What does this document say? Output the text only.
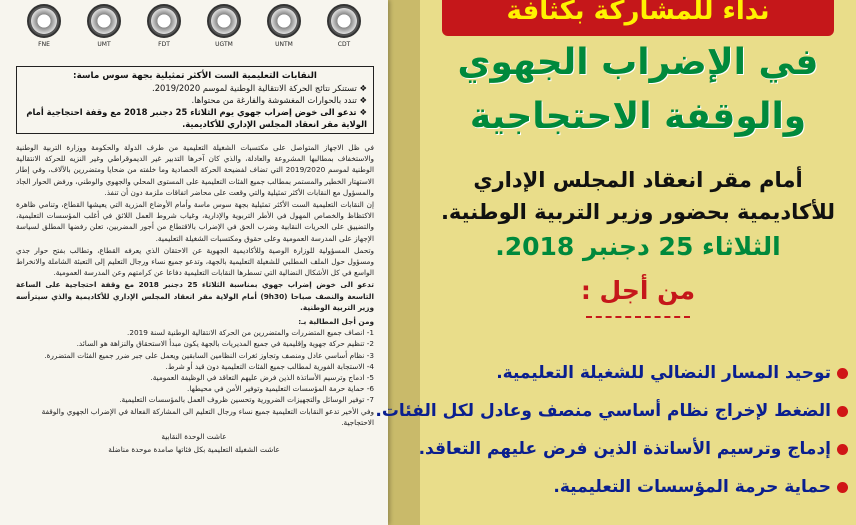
FNE	UMT	FDT	UGTM	UNTM	CDT
النقابات التعليمية الست الأكثر تمثيلية بجهة سوس ماسة:
❖ تستنكر نتائج الحركة الانتقالية الوطنية لموسم 2019/2020.
❖ تندد بالحوارات المغشوشة والفارغة من محتواها.
❖ تدعو الى خوض إضراب جهوي يوم الثلاثاء 25 دجنبر 2018 مع وقفة احتجاجية أمام الولاية مقر انعقاد المجلس الإداري للأكاديمية.

في ظل الاجهاز المتواصل على مكتسبات الشغيلة التعليمية من طرف الدولة والحكومة ووزارة التربية الوطنية والاستخفاف بمطالبها المشروعة والعادلة، والذي كان آخرها التدبير غير الديموقراطي وغير النزيه للحركة الانتقالية الوطنية لموسم 2019/2020 التي تضاف لفضيحة الحركة الحصادية وما خلفته من ضحايا ومتضررين بالآلاف، وفي إطار الاستهتار الخطير والمستمر بمطالب جميع الفئات التعليمية على المستوى المحلي والجهوي والوطني، ورفض الحوار الجاد والمسؤول مع النقابات الأكثر تمثيلية والتي وقعت على محاضر اتفاقات ملزمة دون أن تنفذ.

إن النقابات التعليمية الست الأكثر تمثيلية بجهة سوس ماسة وأمام الأوضاع المزرية التي يعيشها القطاع، وتنامي ظاهرة الاكتظاظ والخصاص المهول في الأطر التربوية والإدارية، وغياب شروط العمل اللائق في أغلب المؤسسات التعليمية، والتضييق على الحريات النقابية وضرب الحق في الإضراب بالاقتطاع من أجور المضربين، تعلن رفضها المطلق لسياسة الإجهاز على المدرسة العمومية وعلى حقوق ومكتسبات الشغيلة التعليمية.

وتحمل المسؤولية للوزارة الوصية وللأكاديمية الجهوية عن الاحتقان الذي يعرفه القطاع، وتطالب بفتح حوار جدي ومسؤول حول الملف المطلبي للشغيلة التعليمية بالجهة، وتدعو جميع نساء ورجال التعليم إلى التعبئة الشاملة والانخراط الواسع في كل الأشكال النضالية التي تسطرها النقابات التعليمية دفاعا عن كرامتهم وعن المدرسة العمومية.

تدعو الى خوض إضراب جهوي بمناسبة الثلاثاء 25 دجنبر 2018 مع وقفة احتجاجية على الساعة التاسعة والنصف صباحا (9h30) أمام الولاية مقر انعقاد المجلس الإداري للأكاديمية والذي سيترأسه وزير التربية الوطنية.

ومن أجل المطالبة بـ:
1- انصاف جميع المتضررات والمتضررين من الحركة الانتقالية الوطنية لسنة 2019.
2- تنظيم حركة جهوية وإقليمية في جميع المديريات بالجهة يكون مبدأ الاستحقاق والنزاهة هو السائد.
3- نظام أساسي عادل ومنصف وتجاوز ثغرات النظامين السابقين ويعمل على جبر ضرر جميع الفئات المتضررة.
4- الاستجابة الفورية لمطالب جميع الفئات التعليمية دون قيد أو شرط.
5- ادماج وترسيم الأساتذة الذين فرض عليهم التعاقد في الوظيفة العمومية.
6- حماية حرمة المؤسسات التعليمية وتوفير الأمن في محيطها.
7- توفير الوسائل والتجهيزات الضرورية وتحسين ظروف العمل بالمؤسسات التعليمية.
وفي الأخير تدعو النقابات التعليمية جميع نساء ورجال التعليم الى المشاركة الفعالة في الإضراب الجهوي والوقفة الاحتجاجية.
عاشت الوحدة النقابية
عاشت الشغيلة التعليمية بكل فئاتها صامدة موحدة مناضلة
نداء للمشاركة بكثافة
في الإضراب الجهوي
والوقفة الاحتجاجية
أمام مقر انعقاد المجلس الإداري
للأكاديمية بحضور وزير التربية الوطنية.
الثلاثاء 25 دجنبر 2018.
من أجل :
توحيد المسار النضالي للشغيلة التعليمية.
الضغط لإخراج نظام أساسي منصف وعادل لكل الفئات.
إدماج وترسيم الأساتذة الذين فرض عليهم التعاقد.
حماية حرمة المؤسسات التعليمية.
